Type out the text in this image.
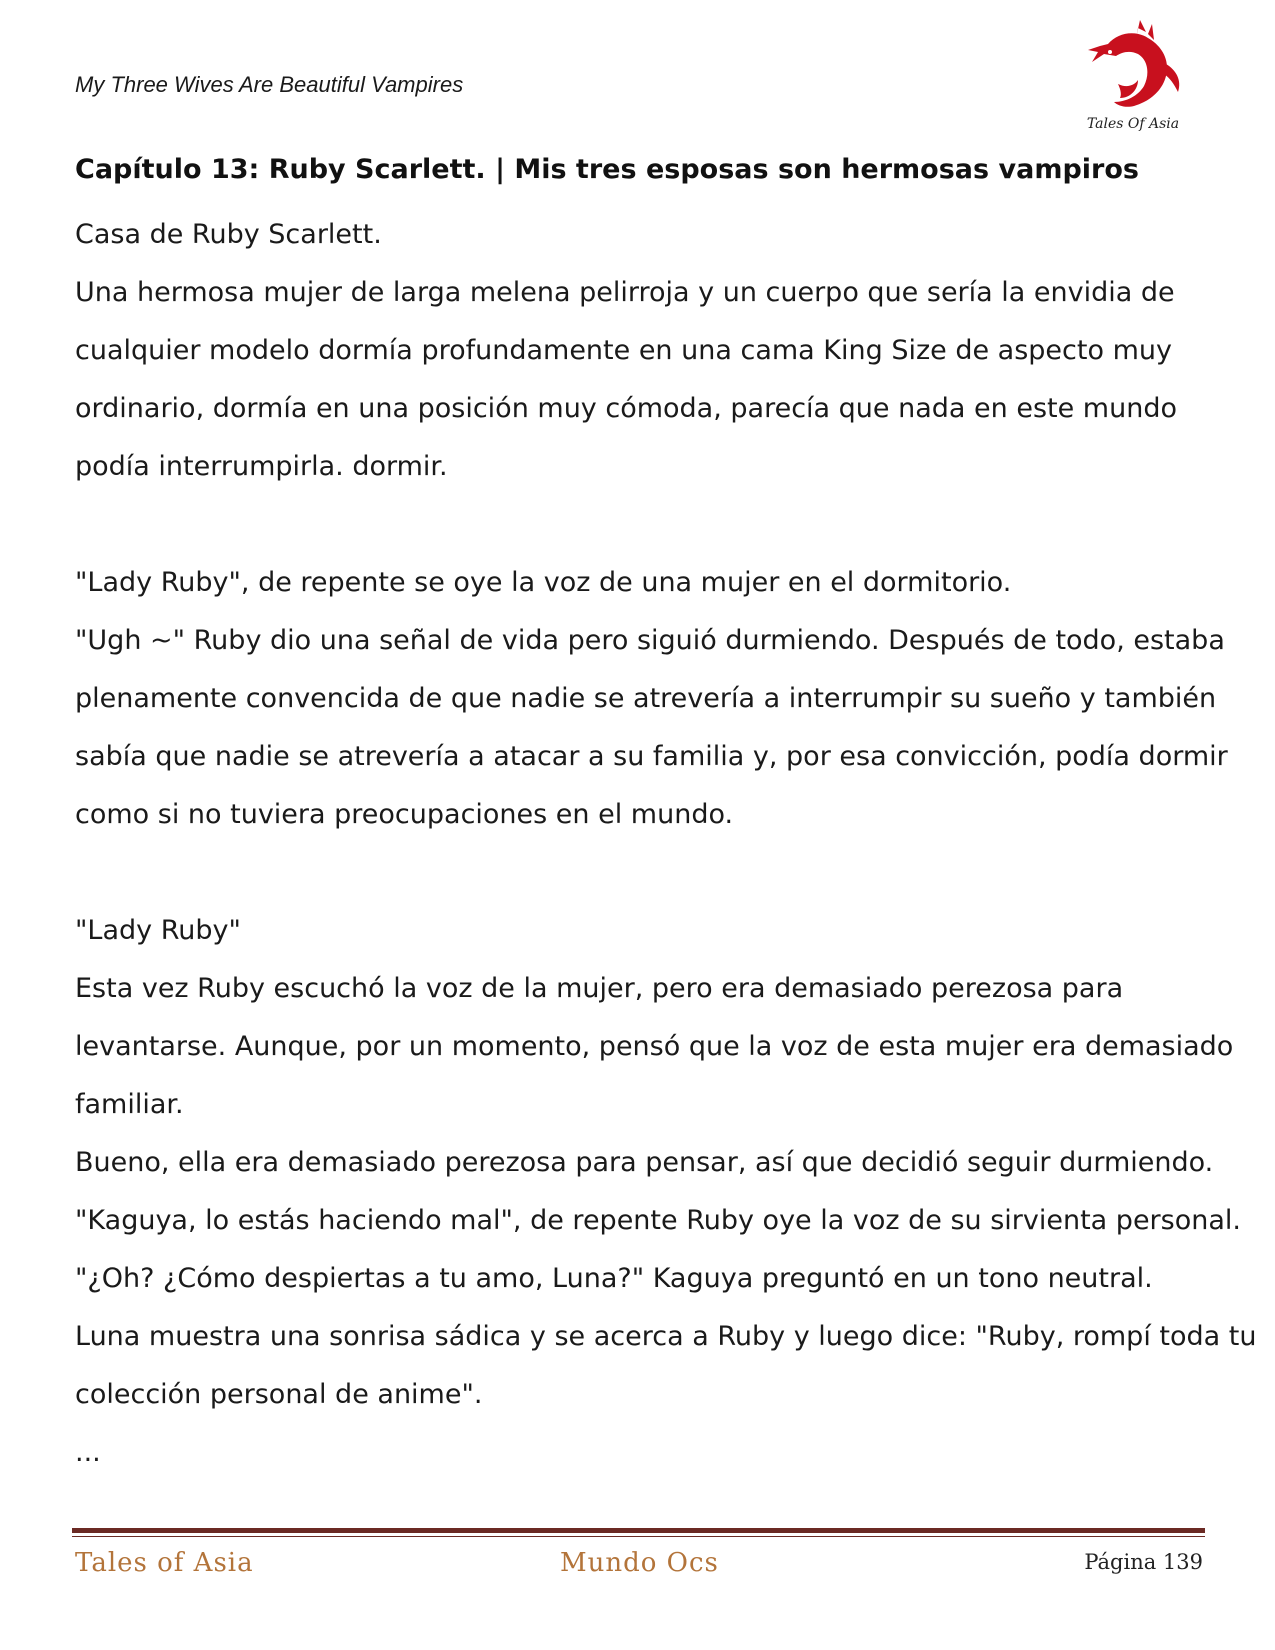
My Three Wives Are Beautiful Vampires

Tales Of Asia
Capítulo 13: Ruby Scarlett. | Mis tres esposas son hermosas vampiros
Casa de Ruby Scarlett.
Una hermosa mujer de larga melena pelirroja y un cuerpo que sería la envidia de
cualquier modelo dormía profundamente en una cama King Size de aspecto muy
ordinario, dormía en una posición muy cómoda, parecía que nada en este mundo
podía interrumpirla. dormir.
"Lady Ruby", de repente se oye la voz de una mujer en el dormitorio.
"Ugh ~" Ruby dio una señal de vida pero siguió durmiendo. Después de todo, estaba
plenamente convencida de que nadie se atrevería a interrumpir su sueño y también
sabía que nadie se atrevería a atacar a su familia y, por esa convicción, podía dormir
como si no tuviera preocupaciones en el mundo.
"Lady Ruby"
Esta vez Ruby escuchó la voz de la mujer, pero era demasiado perezosa para
levantarse. Aunque, por un momento, pensó que la voz de esta mujer era demasiado
familiar.
Bueno, ella era demasiado perezosa para pensar, así que decidió seguir durmiendo.
"Kaguya, lo estás haciendo mal", de repente Ruby oye la voz de su sirvienta personal.
"¿Oh? ¿Cómo despiertas a tu amo, Luna?" Kaguya preguntó en un tono neutral.
Luna muestra una sonrisa sádica y se acerca a Ruby y luego dice: "Ruby, rompí toda tu
colección personal de anime".
...
Tales of Asia	Mundo Ocs	Página 139
